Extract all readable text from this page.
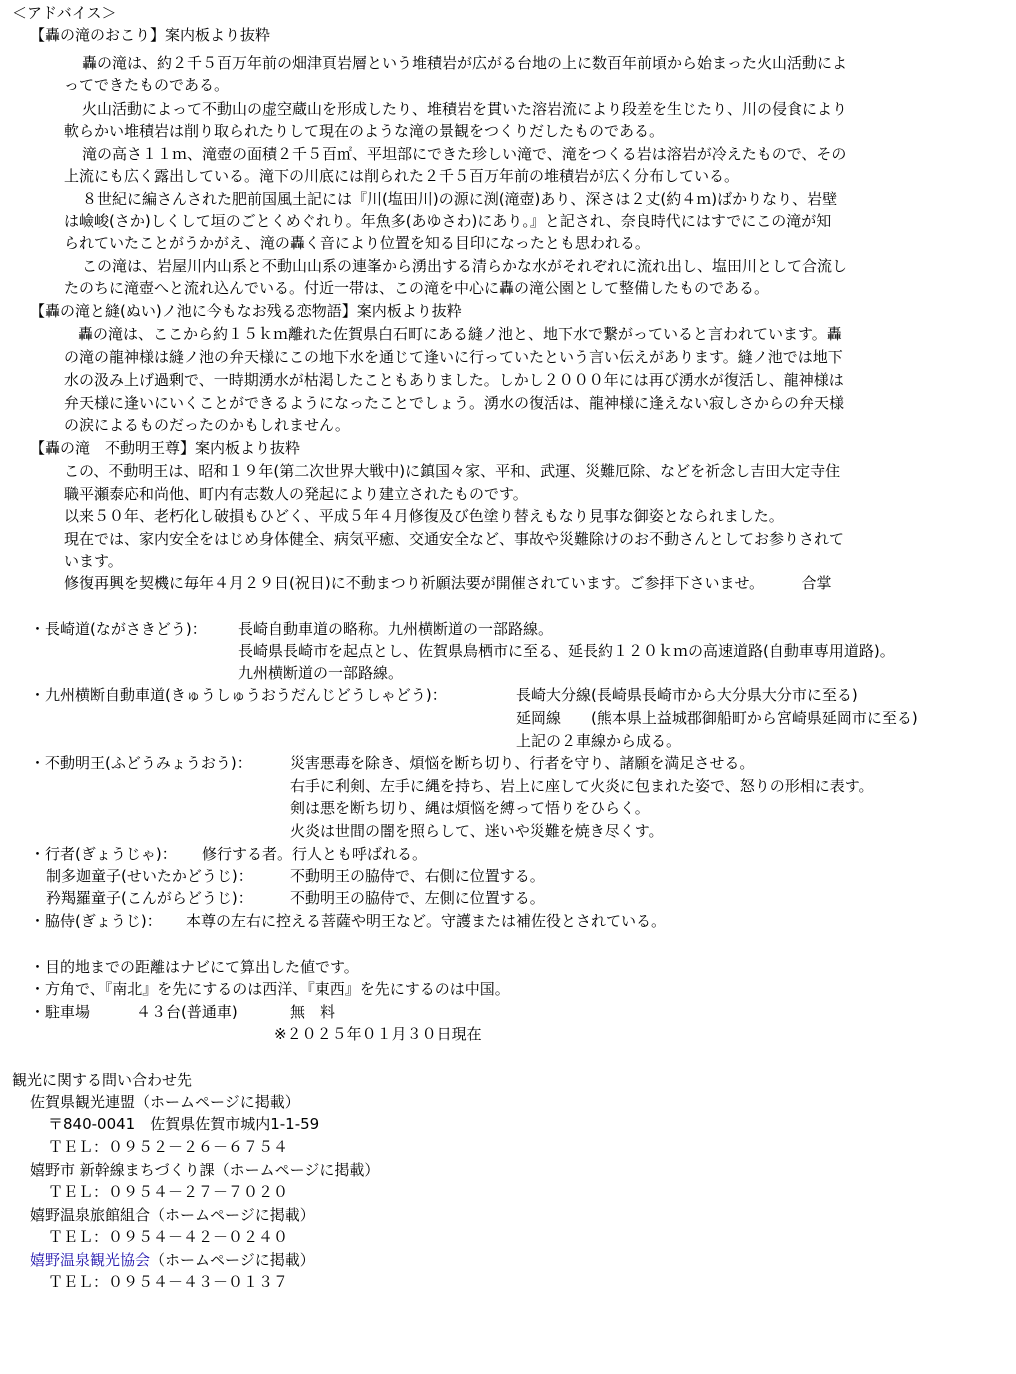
＜アドバイス＞
【轟の滝のおこり】案内板より抜粋
轟の滝は、約２千５百万年前の畑津頁岩層という堆積岩が広がる台地の上に数百年前頃から始まった火山活動によ
ってできたものである。
火山活動によって不動山の虚空蔵山を形成したり、堆積岩を貫いた溶岩流により段差を生じたり、川の侵食により
軟らかい堆積岩は削り取られたりして現在のような滝の景観をつくりだしたものである。
滝の高さ１１ｍ、滝壺の面積２千５百㎡、平坦部にできた珍しい滝で、滝をつくる岩は溶岩が冷えたもので、その
上流にも広く露出している。滝下の川底には削られた２千５百万年前の堆積岩が広く分布している。
８世紀に編さんされた肥前国風土記には『川(塩田川)の源に渕(滝壺)あり、深さは２丈(約４ｍ)ばかりなり、岩壁
は嶮峻(さか)しくして垣のごとくめぐれり。年魚多(あゆさわ)にあり。』と記され、奈良時代にはすでにこの滝が知
られていたことがうかがえ、滝の轟く音により位置を知る目印になったとも思われる。
この滝は、岩屋川内山系と不動山山系の連峯から湧出する清らかな水がそれぞれに流れ出し、塩田川として合流し
たのちに滝壺へと流れ込んでいる。付近一帯は、この滝を中心に轟の滝公園として整備したものである。
【轟の滝と縫(ぬい)ノ池に今もなお残る恋物語】案内板より抜粋
轟の滝は、ここから約１５ｋｍ離れた佐賀県白石町にある縫ノ池と、地下水で繋がっていると言われています。轟
の滝の龍神様は縫ノ池の弁天様にこの地下水を通じて逢いに行っていたという言い伝えがあります。縫ノ池では地下
水の汲み上げ過剰で、一時期湧水が枯渇したこともありました。しかし２０００年には再び湧水が復活し、龍神様は
弁天様に逢いにいくことができるようになったことでしょう。湧水の復活は、龍神様に逢えない寂しさからの弁天様
の涙によるものだったのかもしれません。
【轟の滝　不動明王尊】案内板より抜粋
この、不動明王は、昭和１９年(第二次世界大戦中)に鎮国々家、平和、武運、災難厄除、などを祈念し吉田大定寺住
職平瀬泰応和尚他、町内有志数人の発起により建立されたものです。
以来５０年、老朽化し破損もひどく、平成５年４月修復及び色塗り替えもなり見事な御姿となられました。
現在では、家内安全をはじめ身体健全、病気平癒、交通安全など、事故や災難除けのお不動さんとしてお参りされて
います。
修復再興を契機に毎年４月２９日(祝日)に不動まつり祈願法要が開催されています。ご参拝下さいませ。　　　合掌
・長崎道(ながさきどう)： 長崎自動車道の略称。九州横断道の一部路線。
長崎県長崎市を起点とし、佐賀県鳥栖市に至る、延長約１２０ｋｍの高速道路(自動車専用道路)。
九州横断道の一部路線。
・九州横断自動車道(きゅうしゅうおうだんじどうしゃどう)：	長崎大分線(長崎県長崎市から大分県大分市に至る)
延岡線　　(熊本県上益城郡御船町から宮崎県延岡市に至る)
上記の２車線から成る。
・不動明王(ふどうみょうおう)：	災害悪毒を除き、煩悩を断ち切り、行者を守り、諸願を満足させる。
右手に利剣、左手に縄を持ち、岩上に座して火炎に包まれた姿で、怒りの形相に表す。
剣は悪を断ち切り、縄は煩悩を縛って悟りをひらく。
火炎は世間の闇を照らして、迷いや災難を焼き尽くす。
・行者(ぎょうじゃ)： 修行する者。行人とも呼ばれる。
制多迦童子(せいたかどうじ)： 不動明王の脇侍で、右側に位置する。
矜羯羅童子(こんがらどうじ)： 不動明王の脇侍で、左側に位置する。
・脇侍(ぎょうじ)： 本尊の左右に控える菩薩や明王など。守護または補佐役とされている。
・目的地までの距離はナビにて算出した値です。
・方角で、『南北』を先にするのは西洋、『東西』を先にするのは中国。
・駐車場	４３台(普通車)	無　料
※２０２５年０１月３０日現在
観光に関する問い合わせ先
佐賀県観光連盟（ホームページに掲載）
〒840-0041　佐賀県佐賀市城内1-1-59
ＴＥＬ：０９５２－２６－６７５４
嬉野市 新幹線まちづくり課（ホームページに掲載）
ＴＥＬ：０９５４－２７－７０２０
嬉野温泉旅館組合（ホームページに掲載）
ＴＥＬ：０９５４－４２－０２４０
嬉野温泉観光協会（ホームページに掲載）
ＴＥＬ：０９５４－４３－０１３７
